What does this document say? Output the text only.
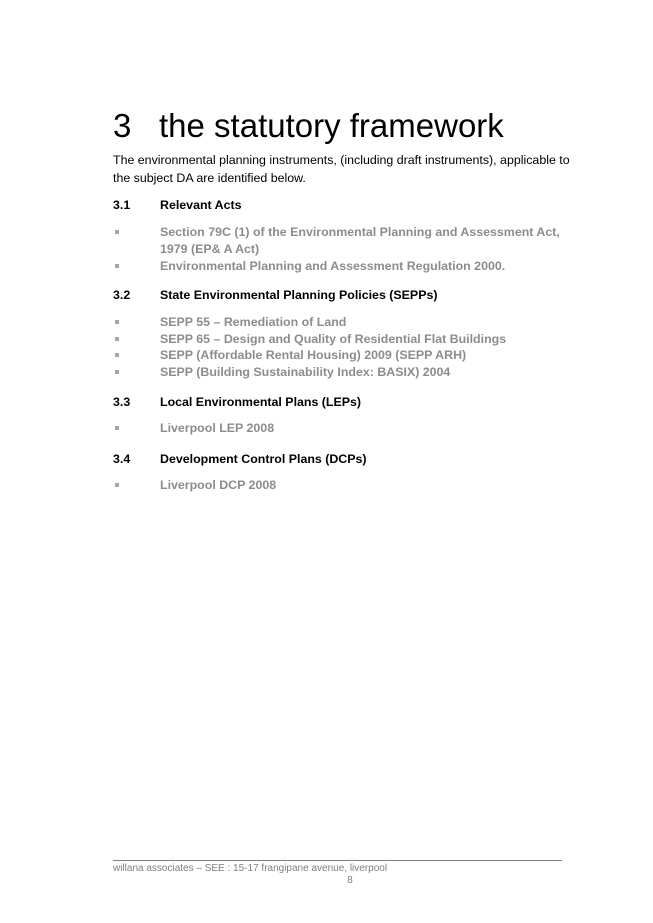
3 the statutory framework

The environmental planning instruments, (including draft instruments), applicable to the subject DA are identified below.

3.1 Relevant Acts
Section 79C (1) of the Environmental Planning and Assessment Act, 1979 (EP& A Act)
Environmental Planning and Assessment Regulation 2000.
3.2 State Environmental Planning Policies (SEPPs)
SEPP 55 – Remediation of Land
SEPP 65 – Design and Quality of Residential Flat Buildings
SEPP (Affordable Rental Housing) 2009 (SEPP ARH)
SEPP (Building Sustainability Index: BASIX) 2004
3.3 Local Environmental Plans (LEPs)
Liverpool LEP 2008
3.4 Development Control Plans (DCPs)
Liverpool DCP 2008

willana associates – SEE : 15-17 frangipane avenue, liverpool

8
